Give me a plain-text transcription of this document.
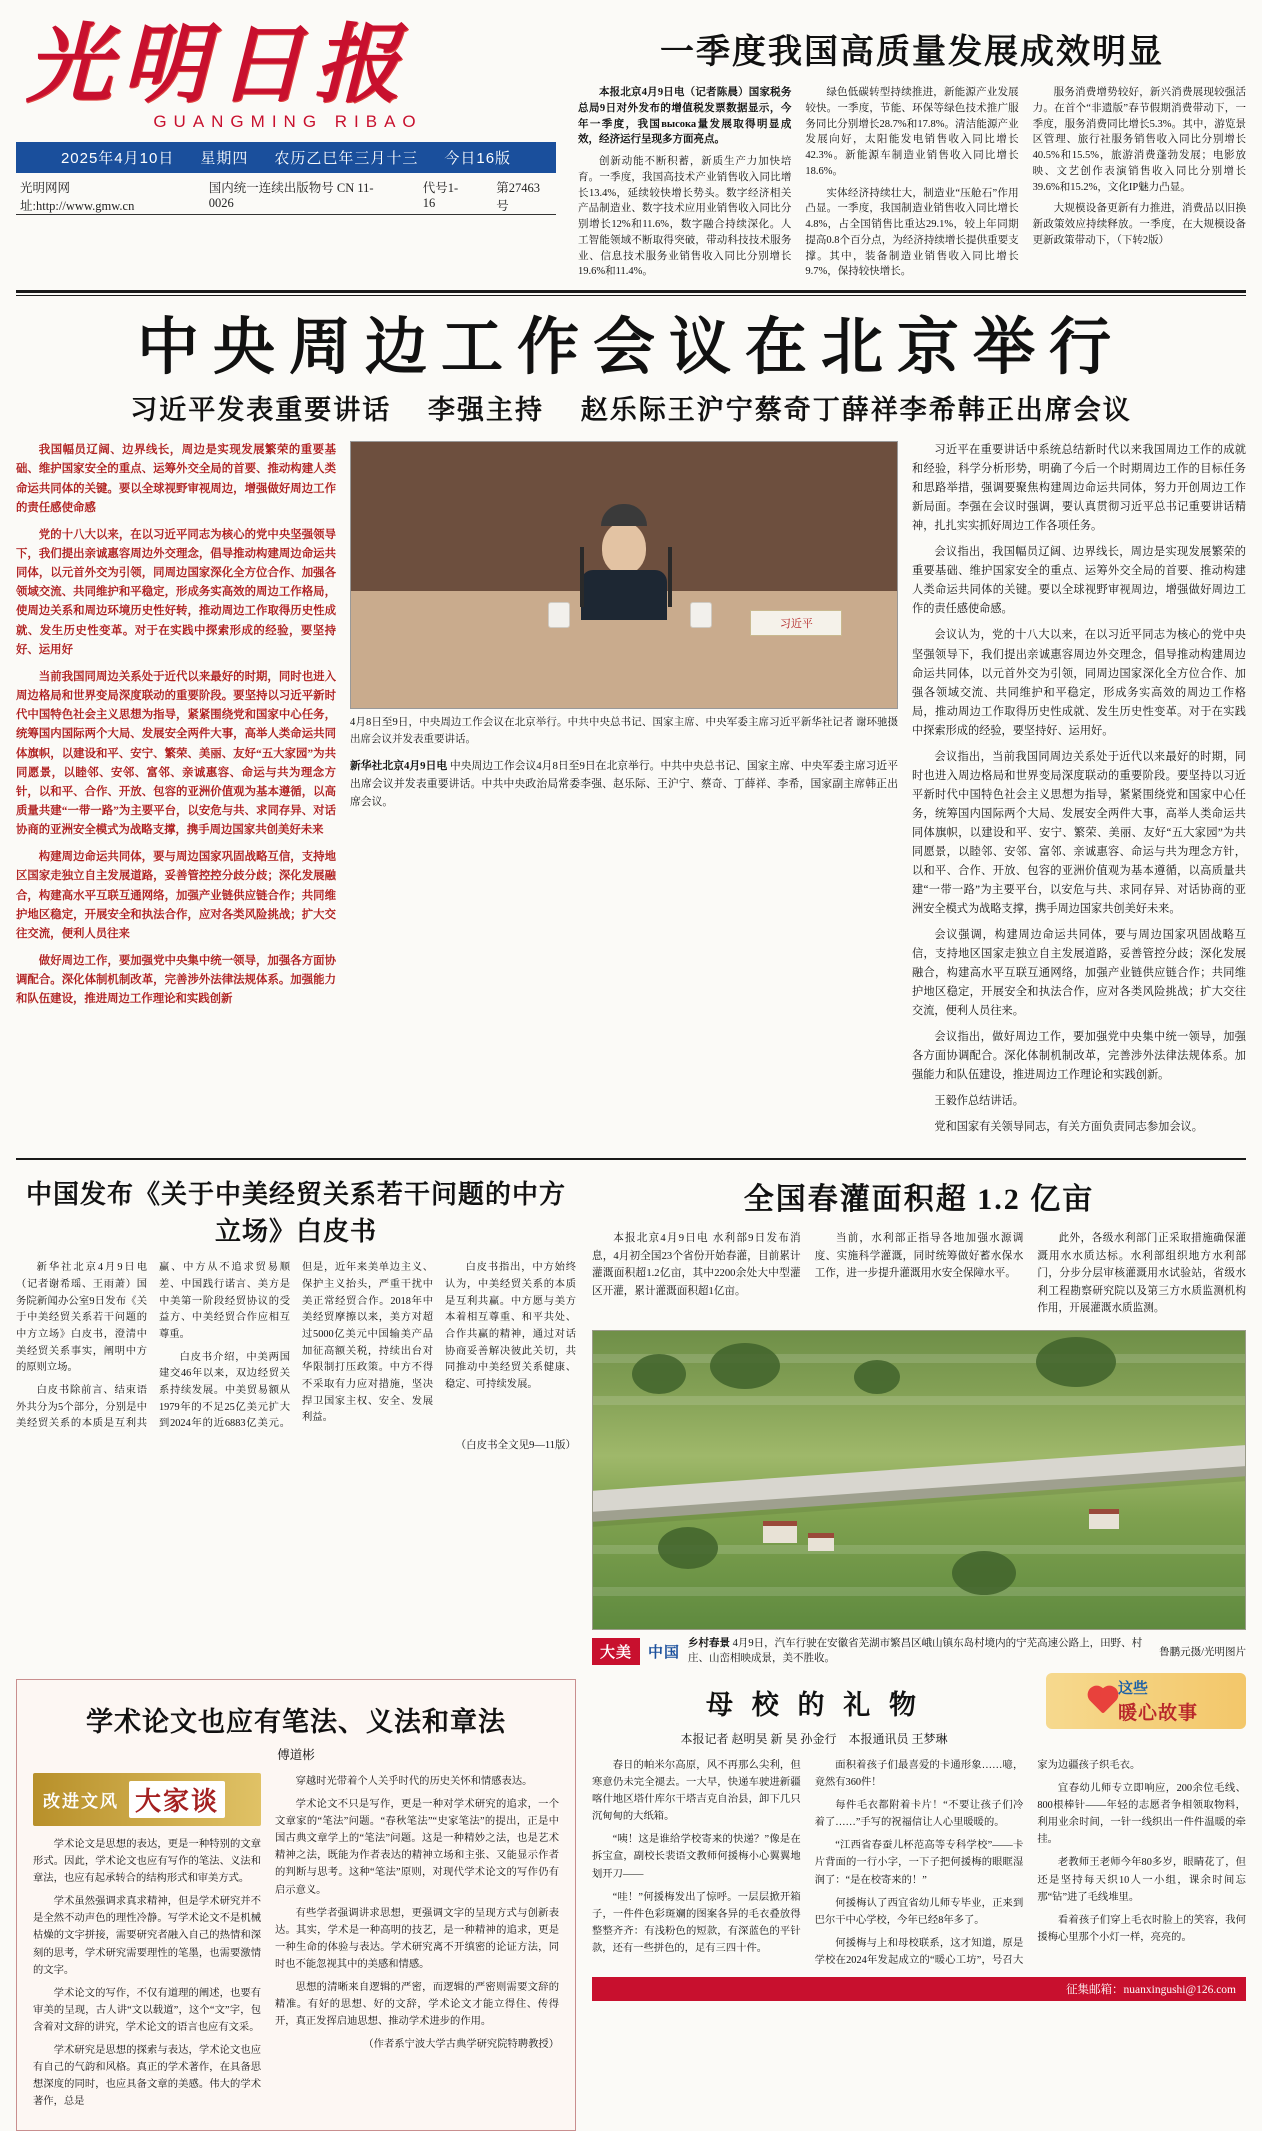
光明日报
GUANGMING RIBAO
2025年4月10日 星期四 农历乙巳年三月十三 今日16版
光明网网址:http://www.gmw.cn
国内统一连续出版物号 CN 11-0026
代号1-16
第27463号
一季度我国高质量发展成效明显

本报北京4月9日电（记者陈晨）国家税务总局9日对外发布的增值税发票数据显示，今年一季度，我国высока量发展取得明显成效，经济运行呈现多方面亮点。

创新动能不断积蓄，新质生产力加快培育。一季度，我国高技术产业销售收入同比增长13.4%，延续较快增长势头。数字经济相关产品制造业、数字技术应用业销售收入同比分别增长12%和11.6%，数字融合持续深化。人工智能领域不断取得突破，带动科技技术服务业、信息技术服务业销售收入同比分别增长19.6%和11.4%。

绿色低碳转型持续推进，新能源产业发展较快。一季度，节能、环保等绿色技术推广服务同比分别增长28.7%和17.8%。清洁能源产业发展向好，太阳能发电销售收入同比增长42.3%。新能源车制造业销售收入同比增长18.6%。

实体经济持续壮大，制造业“压舱石”作用凸显。一季度，我国制造业销售收入同比增长4.8%，占全国销售比重达29.1%，较上年同期提高0.8个百分点，为经济持续增长提供重要支撑。其中，装备制造业销售收入同比增长9.7%，保持较快增长。

服务消费增势较好，新兴消费展现较强活力。在首个“非遗版”春节假期消费带动下，一季度，服务消费同比增长5.3%。其中，游览景区管理、旅行社服务销售收入同比分别增长40.5%和15.5%，旅游消费蓬勃发展；电影放映、文艺创作表演销售收入同比分别增长39.6%和15.2%，文化IP魅力凸显。

大规模设备更新有力推进，消费品以旧换新政策效应持续释放。一季度，在大规模设备更新政策带动下，（下转2版）

中央周边工作会议在北京举行
习近平发表重要讲话 李强主持 赵乐际王沪宁蔡奇丁薛祥李希韩正出席会议

我国幅员辽阔、边界线长，周边是实现发展繁荣的重要基础、维护国家安全的重点、运筹外交全局的首要、推动构建人类命运共同体的关键。要以全球视野审视周边，增强做好周边工作的责任感使命感

党的十八大以来，在以习近平同志为核心的党中央坚强领导下，我们提出亲诚惠容周边外交理念，倡导推动构建周边命运共同体，以元首外交为引领，同周边国家深化全方位合作、加强各领域交流、共同维护和平稳定，形成务实高效的周边工作格局，使周边关系和周边环境历史性好转，推动周边工作取得历史性成就、发生历史性变革。对于在实践中探索形成的经验，要坚持好、运用好

当前我国同周边关系处于近代以来最好的时期，同时也进入周边格局和世界变局深度联动的重要阶段。要坚持以习近平新时代中国特色社会主义思想为指导，紧紧围绕党和国家中心任务，统筹国内国际两个大局、发展安全两件大事，高举人类命运共同体旗帜，以建设和平、安宁、繁荣、美丽、友好“五大家园”为共同愿景，以睦邻、安邻、富邻、亲诚惠容、命运与共为理念方针，以和平、合作、开放、包容的亚洲价值观为基本遵循，以高质量共建“一带一路”为主要平台，以安危与共、求同存异、对话协商的亚洲安全模式为战略支撑，携手周边国家共创美好未来

构建周边命运共同体，要与周边国家巩固战略互信，支持地区国家走独立自主发展道路，妥善管控控分歧分歧；深化发展融合，构建高水平互联互通网络，加强产业链供应链合作；共同维护地区稳定，开展安全和执法合作，应对各类风险挑战；扩大交往交流，便利人员往来

做好周边工作，要加强党中央集中统一领导，加强各方面协调配合。深化体制机制改革，完善涉外法律法规体系。加强能力和队伍建设，推进周边工作理论和实践创新

习近平
新华社记者 谢环驰摄
4月8日至9日，中央周边工作会议在北京举行。中共中央总书记、国家主席、中央军委主席习近平出席会议并发表重要讲话。
新华社北京4月9日电 中央周边工作会议4月8日至9日在北京举行。中共中央总书记、国家主席、中央军委主席习近平出席会议并发表重要讲话。中共中央政治局常委李强、赵乐际、王沪宁、蔡奇、丁薛祥、李希，国家副主席韩正出席会议。

习近平在重要讲话中系统总结新时代以来我国周边工作的成就和经验，科学分析形势，明确了今后一个时期周边工作的目标任务和思路举措，强调要聚焦构建周边命运共同体，努力开创周边工作新局面。李强在会议时强调，要认真贯彻习近平总书记重要讲话精神，扎扎实实抓好周边工作各项任务。

会议指出，我国幅员辽阔、边界线长，周边是实现发展繁荣的重要基础、维护国家安全的重点、运筹外交全局的首要、推动构建人类命运共同体的关键。要以全球视野审视周边，增强做好周边工作的责任感使命感。

会议认为，党的十八大以来，在以习近平同志为核心的党中央坚强领导下，我们提出亲诚惠容周边外交理念，倡导推动构建周边命运共同体，以元首外交为引领，同周边国家深化全方位合作、加强各领域交流、共同维护和平稳定，形成务实高效的周边工作格局，推动周边工作取得历史性成就、发生历史性变革。对于在实践中探索形成的经验，要坚持好、运用好。

会议指出，当前我国同周边关系处于近代以来最好的时期，同时也进入周边格局和世界变局深度联动的重要阶段。要坚持以习近平新时代中国特色社会主义思想为指导，紧紧围绕党和国家中心任务，统筹国内国际两个大局、发展安全两件大事，高举人类命运共同体旗帜，以建设和平、安宁、繁荣、美丽、友好“五大家园”为共同愿景，以睦邻、安邻、富邻、亲诚惠容、命运与共为理念方针，以和平、合作、开放、包容的亚洲价值观为基本遵循，以高质量共建“一带一路”为主要平台，以安危与共、求同存异、对话协商的亚洲安全模式为战略支撑，携手周边国家共创美好未来。

会议强调，构建周边命运共同体，要与周边国家巩固战略互信，支持地区国家走独立自主发展道路，妥善管控分歧；深化发展融合，构建高水平互联互通网络，加强产业链供应链合作；共同维护地区稳定，开展安全和执法合作，应对各类风险挑战；扩大交往交流，便利人员往来。

会议指出，做好周边工作，要加强党中央集中统一领导，加强各方面协调配合。深化体制机制改革，完善涉外法律法规体系。加强能力和队伍建设，推进周边工作理论和实践创新。

王毅作总结讲话。

党和国家有关领导同志，有关方面负责同志参加会议。

中国发布《关于中美经贸关系若干问题的中方立场》白皮书

新华社北京4月9日电（记者谢希瑶、王雨萧）国务院新闻办公室9日发布《关于中美经贸关系若干问题的中方立场》白皮书，澄清中美经贸关系事实，阐明中方的原则立场。

白皮书除前言、结束语外共分为5个部分，分别是中美经贸关系的本质是互利共赢、中方从不追求贸易顺差、中国践行诺言、美方是中美第一阶段经贸协议的受益方、中美经贸合作应相互尊重。

白皮书介绍，中美两国建交46年以来，双边经贸关系持续发展。中美贸易额从1979年的不足25亿美元扩大到2024年的近6883亿美元。但是，近年来美单边主义、保护主义抬头，严重干扰中美正常经贸合作。2018年中美经贸摩擦以来，美方对超过5000亿美元中国输美产品加征高额关税，持续出台对华限制打压政策。中方不得不采取有力应对措施，坚决捍卫国家主权、安全、发展利益。

白皮书指出，中方始终认为，中美经贸关系的本质是互利共赢。中方愿与美方本着相互尊重、和平共处、合作共赢的精神，通过对话协商妥善解决彼此关切，共同推动中美经贸关系健康、稳定、可持续发展。

（白皮书全文见9—11版）
全国春灌面积超 1.2 亿亩

本报北京4月9日电 水利部9日发布消息，4月初全国23个省份开始春灌，目前累计灌溉面积超1.2亿亩，其中2200余处大中型灌区开灌，累计灌溉面积超1亿亩。

当前，水利部正指导各地加强水源调度、实施科学灌溉，同时统筹做好蓄水保水工作，进一步提升灌溉用水安全保障水平。

此外，各级水利部门正采取措施确保灌溉用水水质达标。水利部组织地方水利部门，分步分层审核灌溉用水试验站，省级水利工程勘察研究院以及第三方水质监测机构作用，开展灌溉水质监测。

大美	中国
乡村春景 4月9日，汽车行驶在安徽省芜湖市繁昌区峨山镇东岛村境内的宁芜高速公路上，田野、村庄、山峦相映成景，美不胜收。
鲁鹏元摄/光明图片
学术论文也应有笔法、义法和章法
傅道彬
改进文风 大家谈

学术论文是思想的表达，更是一种特别的文章形式。因此，学术论文也应有写作的笔法、义法和章法，也应有起承转合的结构形式和审美方式。

学术虽然强调求真求精神，但是学术研究并不是全然不动声色的理性冷静。写学术论文不是机械枯燥的文字拼接，需要研究者融入自己的热情和深刻的思考，学术研究需要理性的笔墨，也需要激情的文字。

学术论文的写作，不仅有道理的阐述，也要有审美的呈现，古人讲“文以载道”，这个“文”字，包含着对文辞的讲究，学术论文的语言也应有文采。

学术研究是思想的探索与表达，学术论文也应有自己的气韵和风格。真正的学术著作，在具备思想深度的同时，也应具备文章的美感。伟大的学术著作，总是

穿越时光带着个人关乎时代的历史关怀和情感表达。

学术论文不只是写作，更是一种对学术研究的追求，一个文章家的“笔法”问题。“春秋笔法”“史家笔法”的提出，正是中国古典文章学上的“笔法”问题。这是一种精妙之法，也是艺术精神之法，既能为作者表达的精神立场和主张、又能显示作者的判断与思考。这种“笔法”原则，对现代学术论文的写作仍有启示意义。

有些学者强调讲求思想，更强调文字的呈现方式与创新表达。其实，学术是一种高明的技艺，是一种精神的追求，更是一种生命的体验与表达。学术研究离不开缜密的论证方法，同时也不能忽视其中的美感和情感。

思想的清晰来自逻辑的严密，而逻辑的严密则需要文辞的精准。有好的思想、好的文辞，学术论文才能立得住、传得开，真正发挥启迪思想、推动学术进步的作用。

（作者系宁波大学古典学研究院特聘教授）
这些
暖心故事
母 校 的 礼 物
本报记者 赵明昊 新 昊 孙金行 本报通讯员 王梦琳

春日的帕米尔高原，风不再那么尖利，但寒意仍未完全褪去。一大早，快递车驶进新疆喀什地区塔什库尔干塔吉克自治县，卸下几只沉甸甸的大纸箱。

“咦！这是谁给学校寄来的快递？”像是在拆宝盒，副校长裴语文教师何援梅小心翼翼地划开刀——

“哇！”何援梅发出了惊呼。一层层掀开箱子，一件件色彩斑斓的图案各异的毛衣叠放得整整齐齐：有浅粉色的短款，有深蓝色的平针款，还有一些拼色的，足有三四十件。

面积着孩子们最喜爱的卡通形象……噫，竟然有360件！

每件毛衣都附着卡片！“不要让孩子们冷着了……”手写的祝福信让人心里暖暖的。

“江西省春蚕儿杯范高等专科学校”——卡片背面的一行小字，一下子把何援梅的眼眶湿润了：“是在校寄来的！”

何援梅认了西宜省幼儿师专毕业，正来到巴尔干中心学校，今年已经8年多了。

何援梅与上和母校联系，这才知道，原是学校在2024年发起成立的“暖心工坊”，号召大家为边疆孩子织毛衣。

宜春幼儿师专立即响应，200余位毛线、800根棒针——年轻的志愿者争相领取物料，利用业余时间，一针一线织出一件件温暖的牵挂。

老教师王老师今年80多岁，眼睛花了，但还是坚持每天织10人一小组，课余时间忘那“钻”进了毛线堆里。

看着孩子们穿上毛衣时脸上的笑容，我何援梅心里那个小灯一样，亮亮的。

征集邮箱：nuanxingushi@126.com
